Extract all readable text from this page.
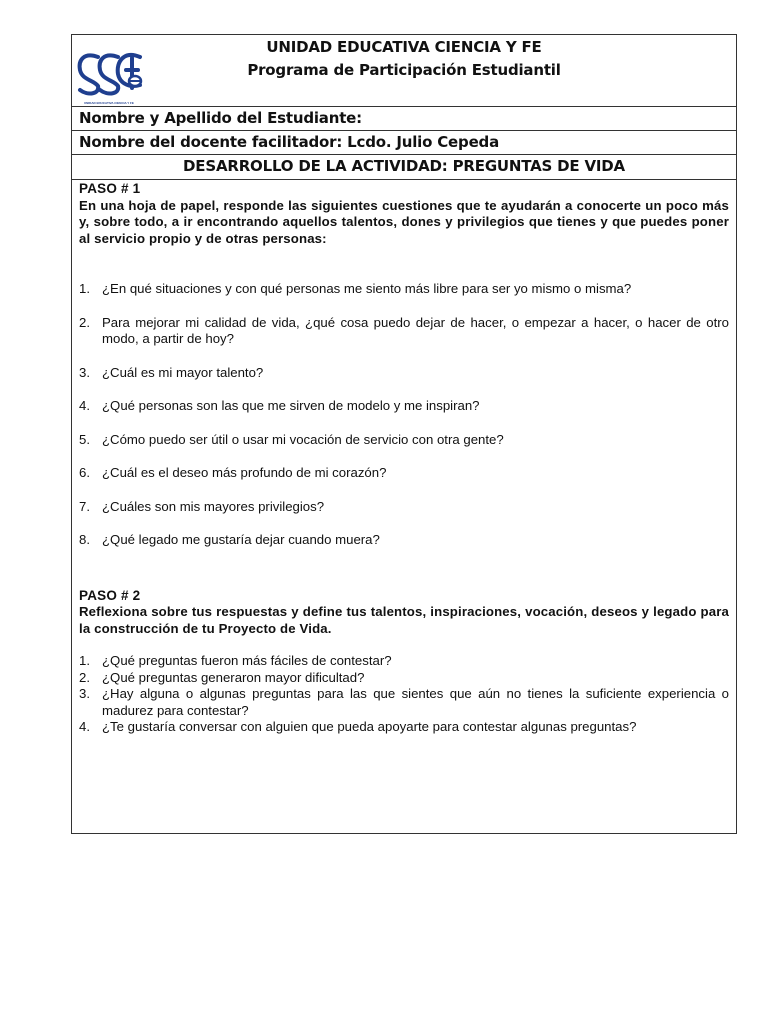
UNIDAD EDUCATIVA CIENCIA Y FE
UNIDAD EDUCATIVA CIENCIA Y FE
Programa de Participación Estudiantil
Nombre y Apellido del Estudiante:
Nombre del docente facilitador: Lcdo. Julio Cepeda
DESARROLLO DE LA ACTIVIDAD: PREGUNTAS DE VIDA
PASO # 1
En una hoja de papel, responde las siguientes cuestiones que te ayudarán a conocerte un poco más y, sobre todo, a ir encontrando aquellos talentos, dones y privilegios que tienes y que puedes poner al servicio propio y de otras personas:
1. ¿En qué situaciones y con qué personas me siento más libre para ser yo mismo o misma?
2. Para mejorar mi calidad de vida, ¿qué cosa puedo dejar de hacer, o empezar a hacer, o hacer de otro modo, a partir de hoy?
3. ¿Cuál es mi mayor talento?
4. ¿Qué personas son las que me sirven de modelo y me inspiran?
5. ¿Cómo puedo ser útil o usar mi vocación de servicio con otra gente?
6. ¿Cuál es el deseo más profundo de mi corazón?
7. ¿Cuáles son mis mayores privilegios?
8. ¿Qué legado me gustaría dejar cuando muera?
PASO # 2
Reflexiona sobre tus respuestas y define tus talentos, inspiraciones, vocación, deseos y legado para la construcción de tu Proyecto de Vida.
1. ¿Qué preguntas fueron más fáciles de contestar?
2. ¿Qué preguntas generaron mayor dificultad?
3. ¿Hay alguna o algunas preguntas para las que sientes que aún no tienes la suficiente experiencia o madurez para contestar?
4. ¿Te gustaría conversar con alguien que pueda apoyarte para contestar algunas preguntas?
